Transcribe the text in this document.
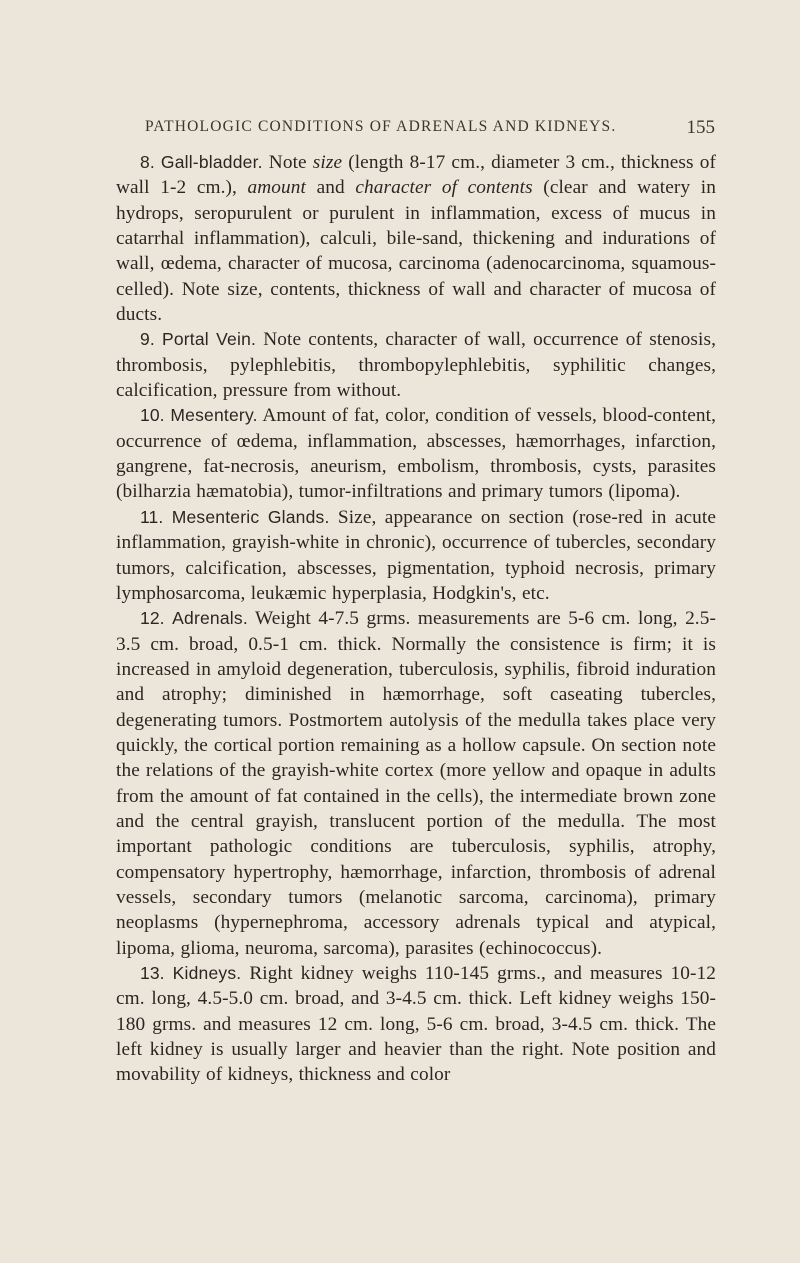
PATHOLOGIC CONDITIONS OF ADRENALS AND KIDNEYS.	155

8. Gall-bladder. Note size (length 8-17 cm., diameter 3 cm., thickness of wall 1-2 cm.), amount and character of contents (clear and watery in hydrops, seropurulent or purulent in inflammation, excess of mucus in catarrhal inflammation), calculi, bile-sand, thickening and indurations of wall, œdema, character of mucosa, carcinoma (adenocarcinoma, squamous-celled). Note size, contents, thickness of wall and character of mucosa of ducts.

9. Portal Vein. Note contents, character of wall, occurrence of stenosis, thrombosis, pylephlebitis, thrombopylephlebitis, syphilitic changes, calcification, pressure from without.

10. Mesentery. Amount of fat, color, condition of vessels, blood-content, occurrence of œdema, inflammation, abscesses, hæmorrhages, infarction, gangrene, fat-necrosis, aneurism, embolism, thrombosis, cysts, parasites (bilharzia hæmatobia), tumor-infiltrations and primary tumors (lipoma).

11. Mesenteric Glands. Size, appearance on section (rose-red in acute inflammation, grayish-white in chronic), occurrence of tubercles, secondary tumors, calcification, abscesses, pigmentation, typhoid necrosis, primary lymphosarcoma, leukæmic hyperplasia, Hodgkin's, etc.

12. Adrenals. Weight 4-7.5 grms. measurements are 5-6 cm. long, 2.5-3.5 cm. broad, 0.5-1 cm. thick. Normally the consistence is firm; it is increased in amyloid degeneration, tuberculosis, syphilis, fibroid induration and atrophy; diminished in hæmorrhage, soft caseating tubercles, degenerating tumors. Postmortem autolysis of the medulla takes place very quickly, the cortical portion remaining as a hollow capsule. On section note the relations of the grayish-white cortex (more yellow and opaque in adults from the amount of fat contained in the cells), the intermediate brown zone and the central grayish, translucent portion of the medulla. The most important pathologic conditions are tuberculosis, syphilis, atrophy, compensatory hypertrophy, hæmorrhage, infarction, thrombosis of adrenal vessels, secondary tumors (melanotic sarcoma, carcinoma), primary neoplasms (hypernephroma, accessory adrenals typical and atypical, lipoma, glioma, neuroma, sarcoma), parasites (echinococcus).

13. Kidneys. Right kidney weighs 110-145 grms., and measures 10-12 cm. long, 4.5-5.0 cm. broad, and 3-4.5 cm. thick. Left kidney weighs 150-180 grms. and measures 12 cm. long, 5-6 cm. broad, 3-4.5 cm. thick. The left kidney is usually larger and heavier than the right. Note position and movability of kidneys, thickness and color
